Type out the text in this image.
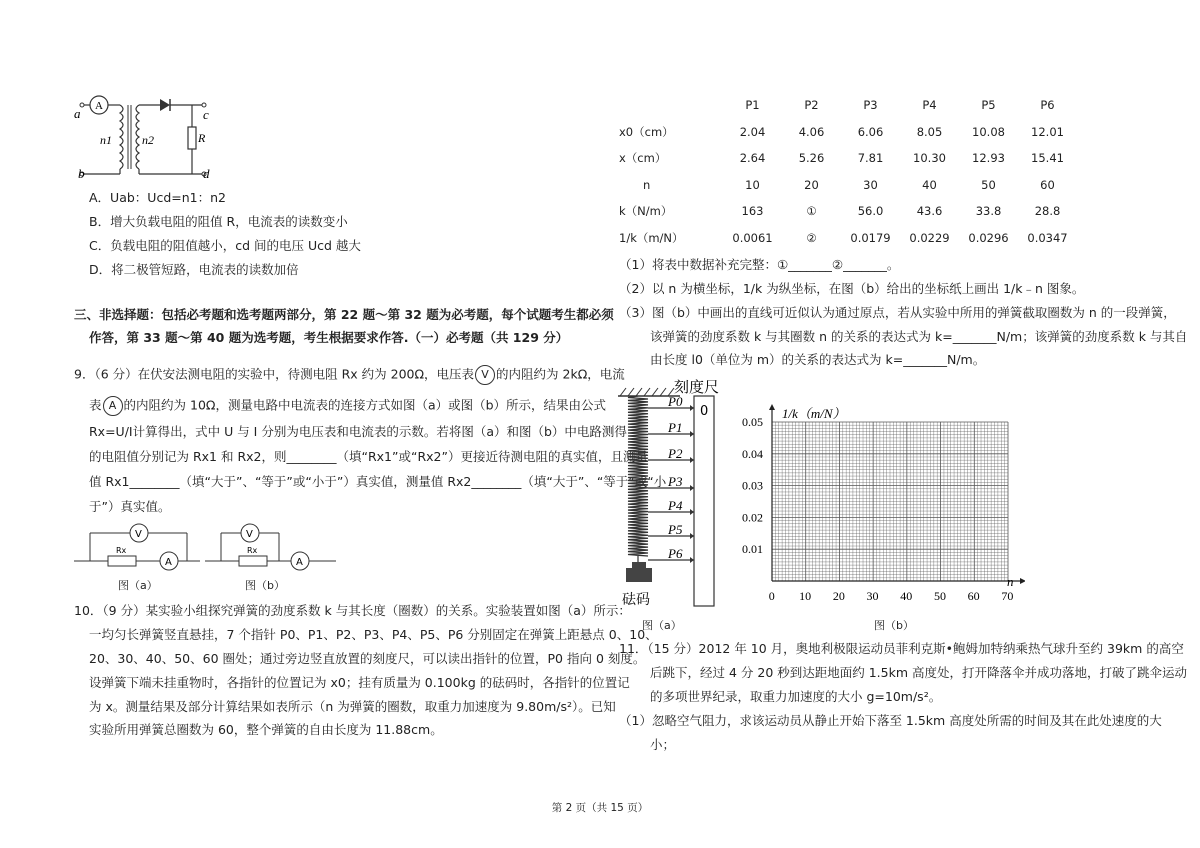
A
a
b
c
d
R
n1	n2
A．Uab：Ucd=n1：n2
B．增大负载电阻的阻值 R，电流表的读数变小
C．负载电阻的阻值越小，cd 间的电压 Ucd 越大
D．将二极管短路，电流表的读数加倍
三、非选择题：包括必考题和选考题两部分，第 22 题～第 32 题为必考题，每个试题考生都必须
作答，第 33 题～第 40 题为选考题，考生根据要求作答.（一）必考题（共 129 分）
9．（6 分）在伏安法测电阻的实验中，待测电阻 Rx 约为 200Ω，电压表 V 的内阻约为 2kΩ，电流
表 A 的内阻约为 10Ω，测量电路中电流表的连接方式如图（a）或图（b）所示，结果由公式
Rx=U/I计算得出，式中 U 与 I 分别为电压表和电流表的示数。若将图（a）和图（b）中电路测得
的电阻值分别记为 Rx1 和 Rx2，则________（填“Rx1”或“Rx2”）更接近待测电阻的真实值，且测量
值 Rx1________（填“大于”、“等于”或“小于”）真实值，测量值 Rx2________（填“大于”、“等于”或“小
于”）真实值。
V
A
Rx
V
A
Rx
图（a）	图（b）
10．（9 分）某实验小组探究弹簧的劲度系数 k 与其长度（圈数）的关系。实验装置如图（a）所示：
一均匀长弹簧竖直悬挂，7 个指针 P0、P1、P2、P3、P4、P5、P6 分别固定在弹簧上距悬点 0、10、
20、30、40、50、60 圈处；通过旁边竖直放置的刻度尺，可以读出指针的位置，P0 指向 0 刻度。
设弹簧下端未挂重物时，各指针的位置记为 x0；挂有质量为 0.100kg 的砝码时，各指针的位置记
为 x。测量结果及部分计算结果如表所示（n 为弹簧的圈数，取重力加速度为 9.80m/s²）。已知
实验所用弹簧总圈数为 60，整个弹簧的自由长度为 11.88cm。
	P1	P2	P3	P4	P5	P6
x0（cm）	2.04	4.06	6.06	8.05	10.08	12.01
x（cm）	2.64	5.26	7.81	10.30	12.93	15.41
n	10	20	30	40	50	60
k（N/m）	163	①	56.0	43.6	33.8	28.8
1/k（m/N）	0.0061	②	0.0179	0.0229	0.0296	0.0347
（1）将表中数据补充完整：①_______②_______。
（2）以 n 为横坐标，1/k 为纵坐标，在图（b）给出的坐标纸上画出 1/k﹣n 图象。
（3）图（b）中画出的直线可近似认为通过原点，若从实验中所用的弹簧截取圈数为 n 的一段弹簧，
该弹簧的劲度系数 k 与其圈数 n 的关系的表达式为 k=_______N/m；该弹簧的劲度系数 k 与其自
由长度 l0（单位为 m）的关系的表达式为 k=_______N/m。
刻度尺
0
砝码
P0
P1
P2
P3
P4
P5
P6
图（a）
0.05
0.04
0.03
0.02
0.01
0 10 20 30 40 50 60 70
1/k（m/N）
n
图（b）
11．（15 分）2012 年 10 月，奥地利极限运动员菲利克斯•鲍姆加特纳乘热气球升至约 39km 的高空
后跳下，经过 4 分 20 秒到达距地面约 1.5km 高度处，打开降落伞并成功落地，打破了跳伞运动
的多项世界纪录，取重力加速度的大小 g=10m/s²。
（1）忽略空气阻力，求该运动员从静止开始下落至 1.5km 高度处所需的时间及其在此处速度的大
小；
第 2 页（共 15 页）
